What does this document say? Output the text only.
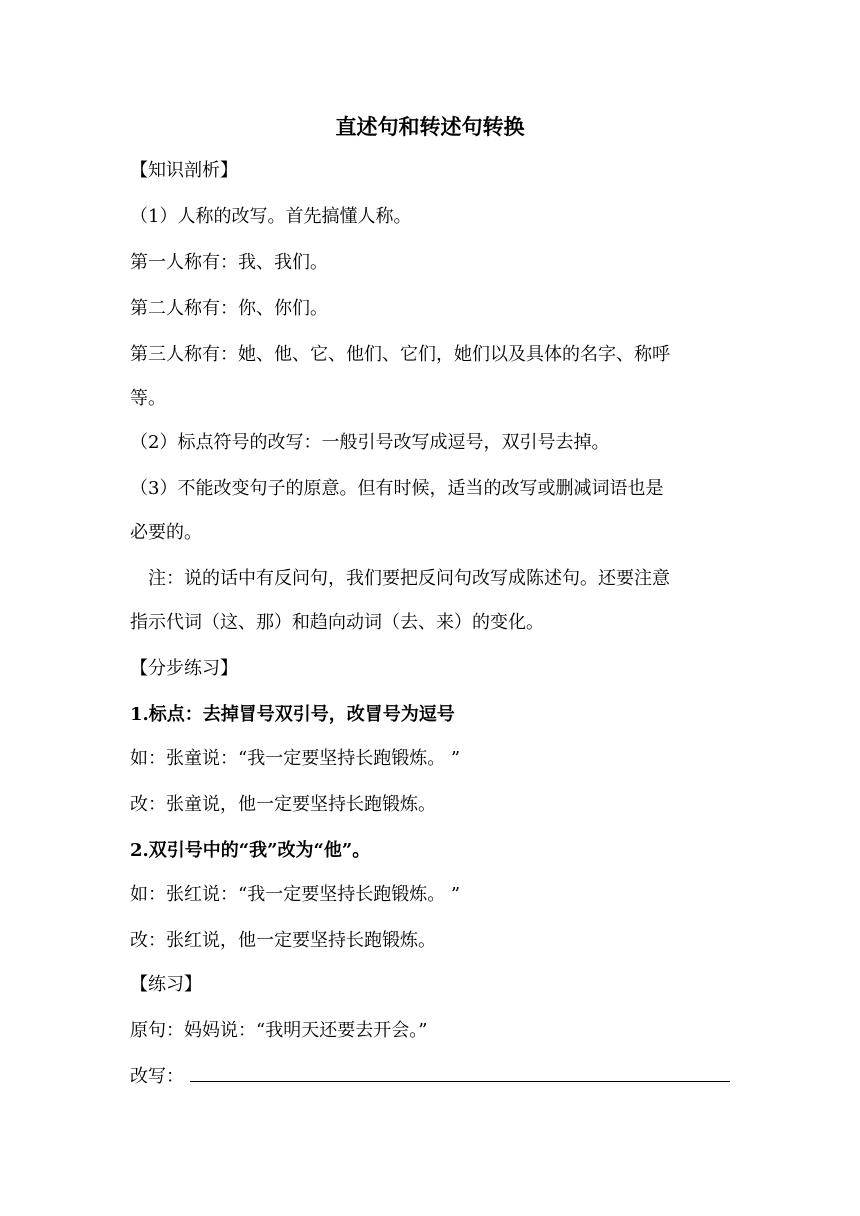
直述句和转述句转换
【知识剖析】
（1）人称的改写。首先搞懂人称。
第一人称有：我、我们。
第二人称有：你、你们。
第三人称有：她、他、它、他们、它们，她们以及具体的名字、称呼
等。
（2）标点符号的改写：一般引号改写成逗号，双引号去掉。
（3）不能改变句子的原意。但有时候，适当的改写或删减词语也是
必要的。
注：说的话中有反问句，我们要把反问句改写成陈述句。还要注意
指示代词（这、那）和趋向动词（去、来）的变化。
【分步练习】
1.标点：去掉冒号双引号，改冒号为逗号
如：张童说：“我一定要坚持长跑锻炼。 ”
改：张童说，他一定要坚持长跑锻炼。
2.双引号中的“我”改为“他”。
如：张红说：“我一定要坚持长跑锻炼。 ”
改：张红说，他一定要坚持长跑锻炼。
【练习】
原句：妈妈说：“我明天还要去开会。”
改写：
